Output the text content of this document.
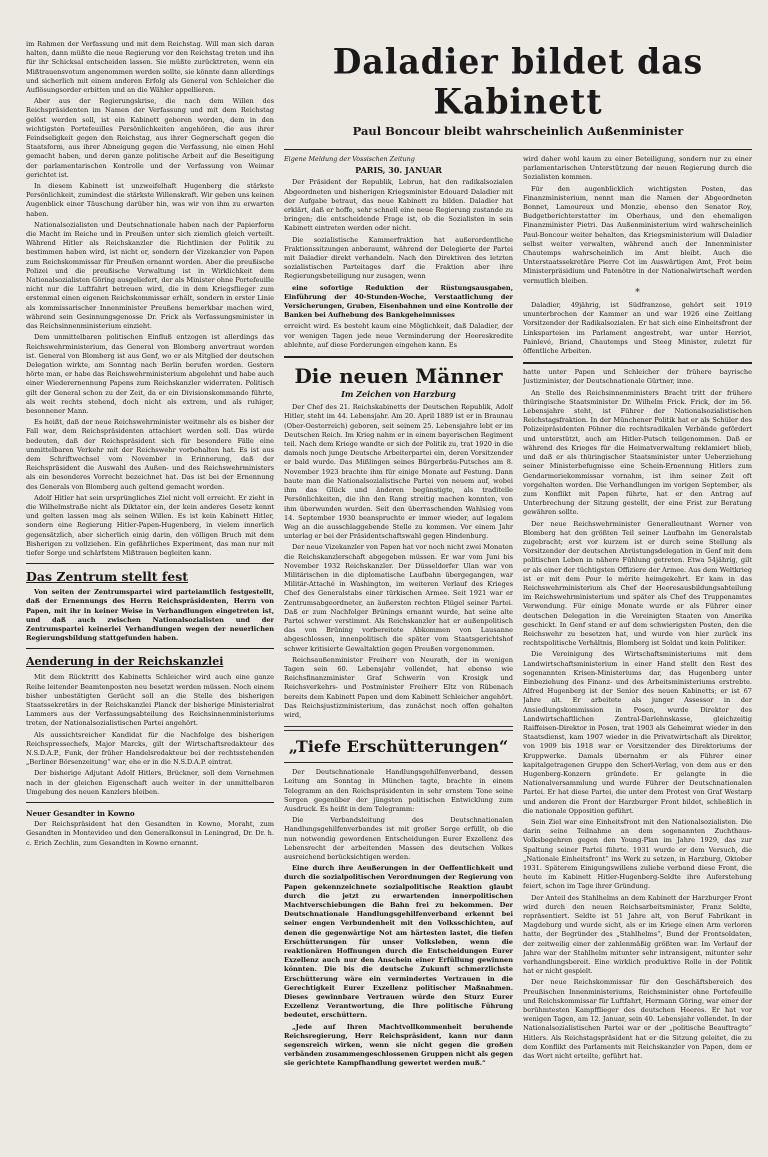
im Rahmen der Verfassung und mit dem Reichstag. Will man sich daran halten, dann müßte die neue Regierung vor den Reichstag treten und ihn für ihr Schicksal entscheiden lassen. Sie müßte zurücktreten, wenn ein Mißtrauensvotum angenommen werden sollte, sie könnte dann allerdings und sicherlich mit einem anderen Erfolg als General von Schleicher die Auflösungsorder erbitten und an die Wähler appellieren.

Aber aus der Regierungskrise, die nach dem Willen des Reichspräsidenten im Namen der Verfassung und mit dem Reichstag gelöst werden soll, ist ein Kabinett geboren worden, dem in den wichtigsten Portefeuilles Persönlichkeiten angehören, die aus ihrer Feindseligkeit gegen den Reichstag, aus ihrer Gegnerschaft gegen die Staatsform, aus ihrer Abneigung gegen die Verfassung, nie einen Hehl gemacht haben, und deren ganze politische Arbeit auf die Beseitigung der parlamentarischen Kontrolle und der Verfassung von Weimar gerichtet ist.

In diesem Kabinett ist unzweifelhaft Hugenberg die stärkste Persönlichkeit, zumindest die stärkste Willenskraft. Wir geben uns keinen Augenblick einer Täuschung darüber hin, was wir von ihm zu erwarten haben.

Nationalsozialisten und Deutschnationale haben nach der Papierform die Macht im Reiche und in Preußen unter sich ziemlich gleich verteilt. Während Hitler als Reichskanzler die Richtlinien der Politik zu bestimmen haben wird, ist nicht er, sondern der Vizekanzler von Papen zum Reichskommissar für Preußen ernannt worden. Aber die preußische Polizei und die preußische Verwaltung ist in Wirklichkeit dem Nationalsozialisten Göring ausgeliefert, der als Minister ohne Portefeuille nicht nur die Luftfahrt betreuen wird, die in dem Kriegsflieger zum erstenmal einen eigenen Reichskommissar erhält, sondern in erster Linie als kommissarischer Innenminister Preußens bemerkbar machen wird, während sein Gesinnungsgenosse Dr. Frick als Verfassungsminister in das Reichsinnenministerium einzieht.

Dem unmittelbaren politischen Einfluß entzogen ist allerdings das Reichswehrministerium, das General von Blomberg anvertraut worden ist. General von Blomberg ist aus Genf, wo er als Mitglied der deutschen Delegation wirkte, am Sonntag nach Berlin berufen worden. Gestern hörte man, er habe das Reichswehrministerium abgelehnt und habe auch einer Wiederernennung Papens zum Reichskanzler widerraten. Politisch gilt der General schon zu der Zeit, da er ein Divisionskommando führte, als weit rechts stehend, doch nicht als extrem, und als ruhiger, besonnener Mann.

Es heißt, daß der neue Reichswehrminister weitmehr als es bisher der Fall war, dem Reichspräsidenten attachiert werden soll. Das würde bedeuten, daß der Reichspräsident sich für besondere Fälle eine unmittelbaren Verkehr mit der Reichswehr vorbehalten hat. Es ist aus dem Schriftwechsel vom November in Erinnerung, daß der Reichspräsident die Auswahl des Außen- und des Reichswehrministers als ein besonderes Vorrecht bezeichnet hat. Das ist bei der Ernennung des Generals von Blomberg auch geltend gemacht worden.

Adolf Hitler hat sein ursprüngliches Ziel nicht voll erreicht. Er zieht in die Wilhelmstraße nicht als Diktator ein, der kein anderes Gesetz kennt und gelten lassen mag als seinen Willen. Es ist kein Kabinett Hitler, sondern eine Regierung Hitler-Papen-Hugenberg, in vielem innerlich gegensätzlich, aber sicherlich einig darin, den völligen Bruch mit dem Bisherigen zu vollziehen. Ein gefährliches Experiment, das man nur mit tiefer Sorge und schärfstem Mißtrauen begleiten kann.

Das Zentrum stellt fest

Von seiten der Zentrumspartei wird parteiamtlich festgestellt, daß der Ernennungs des Herrn Reichspräsidenten, Herrn von Papen, mit ihr in keiner Weise in Verhandlungen eingetreten ist, und daß auch zwischen Nationalsozialisten und der Zentrumspartei keinerlei Verhandlungen wegen der neuerlichen Regierungsbildung stattgefunden haben.

Aenderung in der Reichskanzlei

Mit dem Rücktritt des Kabinetts Schleicher wird auch eine ganze Reihe leitender Beamtenposten neu besetzt werden müssen. Noch einem bisher unbestätigten Gerücht soll an die Stelle des bisherigen Staatssekretärs in der Reichskanzlei Planck der bisherige Ministerialrat Lammers aus der Verfassungsabteilung des Reichsinnenministeriums treten, der Nationalsozialistischen Partei angehört.

Als aussichtsreicher Kandidat für die Nachfolge des bisherigen Reichspressechefs, Major Marcks, gilt der Wirtschaftsredakteur des N.S.D.A.P., Funk, der früher Handelsredakteur bei der rechtsstehenden „Berliner Börsenzeitung“ war, ehe er in die N.S.D.A.P. eintrat.

Der bisherige Adjutant Adolf Hitlers, Brückner, soll dem Vernehmen nach in der gleichen Eigenschaft auch weiter in der unmittelbaren Umgebung des neuen Kanzlers bleiben.

Neuer Gesandter in Kowno

Der Reichspräsident hat den Gesandten in Kowno, Moraht, zum Gesandten in Montevideo und den Generalkonsul in Leningrad, Dr. Dr. h. c. Erich Zechlin, zum Gesandten in Kowno ernannt.

Daladier bildet das Kabinett
Paul Boncour bleibt wahrscheinlich Außenminister
Eigene Meldung der Vossischen Zeitung
PARIS, 30. JANUAR

Der Präsident der Republik, Lebrun, hat den radikalsozialen Abgeordneten und bisherigen Kriegsminister Edouard Daladier mit der Aufgabe betraut, das neue Kabinett zu bilden. Daladier hat erklärt, daß er hoffe, sehr schnell eine neue Regierung zustande zu bringen; die entscheidende Frage ist, ob die Sozialisten in sein Kabinett eintreten werden oder nicht.

Die sozialistische Kammerfraktion hat außerordentliche Fraktionssitzungen anberaumt, während der Delegierte der Partei mit Daladier direkt verhandeln. Nach den Direktiven des letzten sozialistischen Parteitages darf die Fraktion aber ihre Regierungsbeteiligung nur zusagen, wenn

eine sofortige Reduktion der Rüstungsausgaben, Einführung der 40-Stunden-Woche, Verstaatlichung der Versicherungen, Gruben, Eisenbahnen und eine Kontrolle der Banken bei Aufhebung des Bankgeheimnisses

erreicht wird. Es besteht kaum eine Möglichkeit, daß Daladier, der vor wenigen Tagen jede neue Verminderung der Heereskredite ablehnte, auf diese Forderungen eingehen kann. Es

Die neuen Männer
Im Zeichen von Harzburg

Der Chef des 21. Reichskabinetts der Deutschen Republik, Adolf Hitler, steht im 44. Lebensjahr. Am 20. April 1889 ist er in Braunau (Ober-Oesterreich) geboren, seit seinem 25. Lebensjahre lebt er im Deutschen Reich. Im Krieg nahm er in einem bayerischen Regiment teil. Nach dem Kriege wandte er sich der Politik zu, trat 1920 in die damals noch junge Deutsche Arbeiterpartei ein, deren Vorsitzender er bald wurde. Das Mißlingen seines Bürgerbräu-Putsches am 8. November 1923 brachte ihm für einige Monate auf Festung. Dann baute man die Nationalsozialistische Partei von neuem auf, wobei ihm das Glück und änderen begünstigte, als traditeile Persönlichkeiten, die ihn den Rang streitig machen konnten, von ihm überwunden wurden. Seit den überraschenden Wahlsieg vom 14. September 1930 beanspruchte er immer wieder, auf legalem Weg an die ausschlaggebende Stelle zu kommen. Vor einem Jahr unterlag er bei der Präsidentschaftswahl gegen Hindenburg.

Der neue Vizekanzler von Papen hat vor noch nicht zwei Monaten die Reichskanzlerschaft abgegeben müssen. Er war vom Juni bis November 1932 Reichskanzler. Der Düsseldorfer Ulan war von Militärischen in die diplomatische Laufbahn übergegangen, war Militär-Attaché in Washington, im weiteren Verlauf des Krieges Chef des Generalstabs einer türkischen Armee. Seit 1921 war er Zentrumsabgeordneter, an äußersten rechten Flügel seiner Partei. Daß er zum Nachfolger Brünings ernannt wurde, hat seine alte Partei schwer verstimmt. Als Reichskanzler hat er außenpolitisch das von Brüning vorbereitete Abkommen von Lausanne abgeschlossen, innenpolitisch die später vom Staatsgerichtshof schwer kritisierte Gewaltaktion gegen Preußen vorgenommen.

Reichsaußenminister Freiherr von Neurath, der in wenigen Tagen sein 60. Lebensjahr vollendet, hat ebenso wie Reichsfinanzminister Graf Schwerin von Krosigk und Reichsverkehrs- und Postminister Freiherr Eltz von Rübenach bereits dem Kabinett Papen und dem Kabinett Schleicher angehört. Das Reichsjustizministerium, das zunächst noch offen gehalten wird,

„Tiefe Erschütterungen“

Der Deutschnationale Handlungsgehilfenverband, dessen Leitung am Sonntag in München tagte, brachte in einem Telegramm an den Reichspräsidenten in sehr ernstem Tone seine Sorgen gegenüber der jüngsten politischen Entwicklung zum Ausdruck. Es heißt in dem Telegramm:

Die Verbandsleitung des Deutschnationalen Handlungsgehilfenverbandes ist mit großer Sorge erfüllt, ob die nun notwendig gewordenen Entscheidungen Eurer Exzellenz des Lebensrecht der arbeitenden Massen des deutschen Volkes ausreichend berücksichtigen werden.

Eine durch ihre Aeußerungen in der Oeffentlichkeit und durch die sozialpolitischen Verordnungen der Regierung von Papen gekennzeichnete sozialpolitische Reaktion glaubt durch die jetzt zu erwartenden innerpolitischen Machtverschiebungen die Bahn frei zu bekommen. Der Deutschnationale Handlungsgehilfenverband erkennt bei seiner engen Verbundenheit mit den Volksschichten, auf denen die gegenwärtige Not am härtesten lastet, die tiefen Erschütterungen für unser Volksleben, wenn die reaktionären Hoffnungen durch die Entscheidungen Eurer Exzellenz auch nur den Anschein einer Erfüllung gewinnen könnten. Die bis die deutsche Zukunft schmerzlichste Erschütterung wäre ein vermindertes Vertrauen in die Gerechtigkeit Eurer Exzellenz politischer Maßnahmen. Dieses gewinnbare Vertrauen würde den Sturz Eurer Exzellenz Verantwortung, die Ihre politische Führung bedeutet, erschüttern.

„Jede auf Ihren Machtvollkommenheit beruhende Reichsregierung, Herr Reichspräsident, kann nur dann segensreich wirken, wenn sie nicht gegen die großen verbänden zusammengeschlossenen Gruppen nicht als gegen sie gerichtete Kampfhandlung gewertet werden muß.“

wird daher wohl kaum zu einer Beteiligung, sondern nur zu einer parlamentarischen Unterstützung der neuen Regierung durch die Sozialisten kommen.

Für den augenblicklich wichtigsten Posten, das Finanzministerium, nennt man die Namen der Abgeordneten Bonnet, Lamoureux und Monzie, ebenso den Senator Roy, Budgetberichterstatter im Oberhaus, und den ehemaligen Finanzminister Pietri. Das Außenministerium wird wahrscheinlich Paul-Boncour weiter behalten, das Kriegsministerium will Daladier selbst weiter verwalten, während auch der Innenminister Chautemps wahrscheinlich im Amt bleibt. Auch die Unterstaatssekretäre Pierre Cot im Auswärtigen Amt, Frot beim Ministerpräsidium und Patenôtre in der Nationalwirtschaft werden vermutlich bleiben.

*

Daladier, 49jährig, ist Südfranzose, gehört seit 1919 ununterbrochen der Kammer an und war 1926 eine Zeitlang Vorsitzender der Radikalsozialen. Er hat sich eine Einheitsfront der Linksparteien im Parlament angestrebt, war unter Herriot, Painlevé, Briand, Chautemps und Steeg Minister, zuletzt für öffentliche Arbeiten.

hatte unter Papen und Schleicher der frühere bayrische Justizminister, der Deutschnationale Gürtner, inne.

An Stelle des Reichsinnenministers Bracht tritt der frühere thüringische Staatsminister Dr. Wilhelm Frick. Frick, der im 56. Lebensjahre steht, ist Führer der Nationalsozialistischen Reichstagsfraktion. In der Münchener Politik hat er als Schüler des Polizeipräsidenten Pöhner die rechtsradikalen Verbände gefördert und unterstützt, auch am Hitler-Putsch teilgenommen. Daß er während des Krieges für die Heimatverwaltung reklamiert blieb, und daß er als thüringischer Staatsminister unter Ueberziehung seiner Ministerbefugnisse eine Schein-Ernennung Hitlers zum Gendarmeriekommissar vornahm, ist ihm seiner Zeit oft vorgehalten worden. Die Verhandlungen im vorigen September, als zum Konflikt mit Papen führte, hat er den Antrag auf Unterbrechung der Sitzung gestellt, der eine Frist zur Beratung gewähren sollte.

Der neue Reichswehrminister Generalleutnant Werner von Blomberg hat den größten Teil seiner Laufbahn im Generalstab zugebracht; erst vor kurzem ist er durch seine Stellung als Vorsitzender der deutschen Abrüstungsdelegation in Genf mit dem politischen Leben in nähere Fühlung getreten. Etwa 54jährig, gilt er als einer der tüchtigsten Offiziere der Armee. Aus dem Weltkrieg ist er mit dem Pour le mérite heimgekehrt. Er kam in das Reichswehrministerium als Chef der Heeresausbildungsabteilung im Reichswehrministerium und später als Chef des Truppenamtes Verwendung. Für einige Monate wurde er als Führer einer deutschen Delegation in die Vereinigten Staaten von Amerika geschickt. In Genf stand er auf dem schwierigsten Posten, den die Reichswehr zu besetzen hat, und wurde von hier zurück ins rechtspolitische Verhältnis, Blomberg ist Soldat und kein Politiker.

Die Vereinigung des Wirtschaftsministeriums mit dem Landwirtschaftsministerium in einer Hand stellt den Rest des sogenannten Krisen-Ministeriums dar, das Hugenberg unter Einbeziehung des Finanz- und des Arbeitsministeriums erstrebte. Alfred Hugenberg ist der Senior des neuen Kabinetts; er ist 67 Jahre alt. Er arbeitete als junger Assessor in der Ansiedlungskommission in Posen, wurde Direktor des Landwirtschaftlichen Zentral-Darlehnskasse, gleichzeitig Raiffeisen-Direktor in Posen, trat 1903 als Geheimrat wieder in den Staatsdienst, kam 1907 wieder in die Privatwirtschaft als Direktor, von 1909 bis 1918 war er Vorsitzender des Direktoriums der Kruppwerke. Damals übernahm er als Führer einer kapitalgetragenen Gruppe den Scherl-Verlag, von dem aus er den Hugenberg-Konzern gründete. Er gelangte in die Nationalversammlung und wurde Führer der Deutschnationalen Partei. Er hat diese Partei, die unter dem Protest von Graf Westarp und anderen die Front der Harzburger Front bildet, schließlich in die nationale Opposition geführt.

Sein Ziel war eine Einheitsfront mit den Nationalsozialisten. Die darin seine Teilnahme an dem sogenannten Zuchthaus-Volksbegehren gegen den Young-Plan im Jahre 1929, das zur Spaltung seiner Partei führte. 1931 wurde er dem Versuch, die „Nationale Einheitsfront“ ins Werk zu setzen, in Harzburg, Oktober 1931. Späterem Einigungswillens zuliebe verband diese Front, die heute im Kabinett Hitler-Hugenberg-Seldte ihre Auferstehung feiert, schon im Tage ihrer Gründung.

Der Anteil des Stahlhelms an dem Kabinett der Harzburger Front wird durch den neuen Reichsarbeitsminister, Franz Seldte, repräsentiert. Seldte ist 51 Jahre alt, von Beruf Fabrikant in Magdeburg und wurde sicht, als er im Kriege einen Arm verloren hatte, der Begründer des „Stahlhelms“, Bund der Frontsoldaten, der zeitweilig einer der zahlenmäßig größten war. Im Verlauf der Jahre war der Stahlhelm mitunter sehr intransigent, mitunter sehr verhandlungsbereit. Eine wirklich produktive Rolle in der Politik hat er nicht gespielt.

Der neue Reichskommissar für den Geschäftsbereich des Preußischen Innenministeriums, Reichsminister ohne Portefeuille und Reichskommissar für Luftfahrt, Hermann Göring, war einer der berühmtesten Kampfflieger des deutschen Heeres. Er hat vor wenigen Tagen, am 12. Januar, sein 40. Lebensjahr vollendet. In der Nationalsozialistischen Partei war er der „politische Beauftragte“ Hitlers. Als Reichstagspräsident hat er die Sitzung geleitet, die zu dem Konflikt des Parlaments mit Reichskanzler von Papen, dem er das Wort nicht erteilte, geführt hat.
